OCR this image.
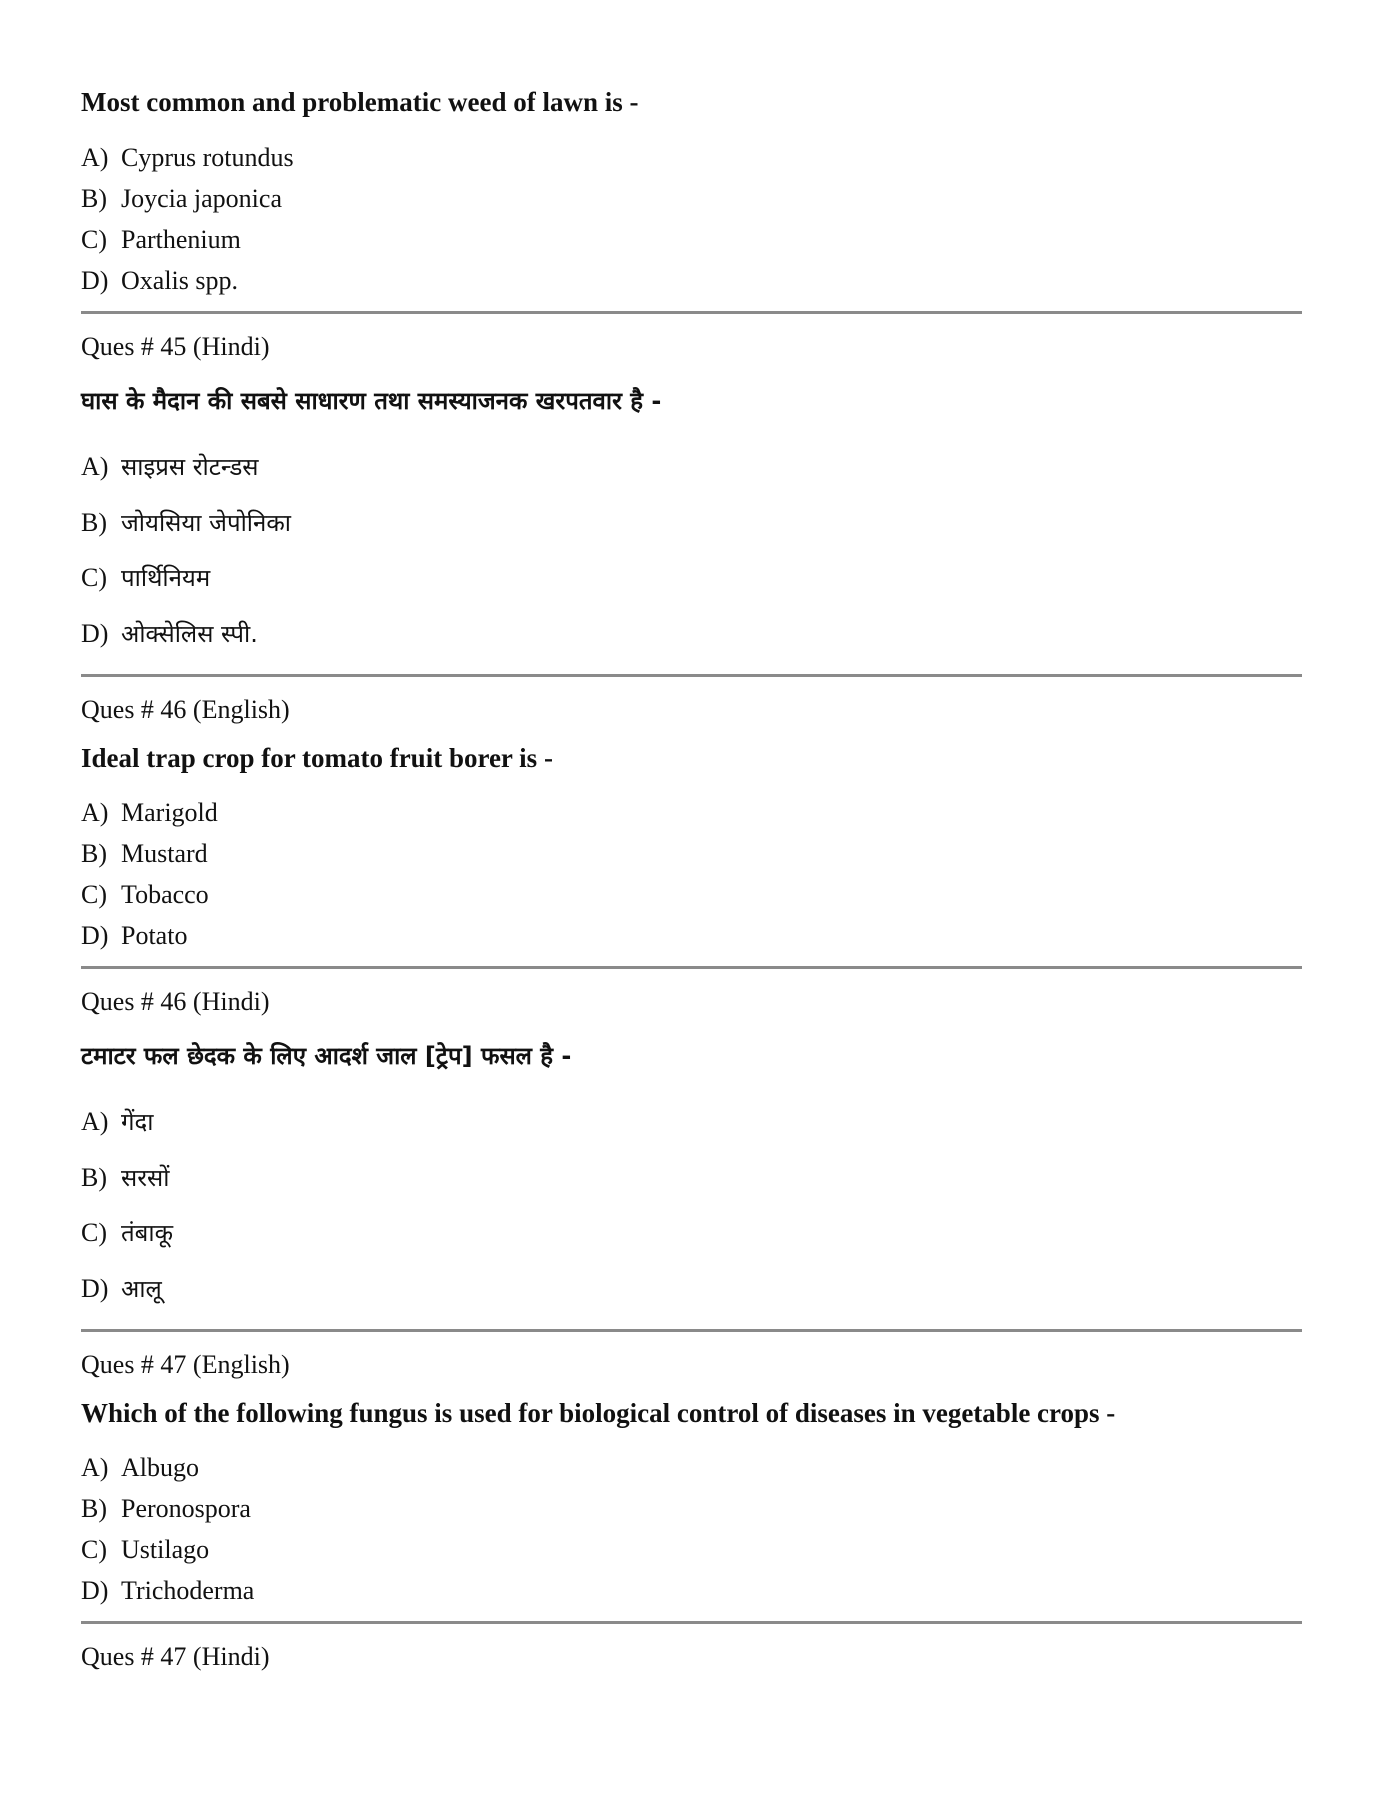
Most common and problematic weed of lawn is -
A) Cyprus rotundus
B) Joycia japonica
C) Parthenium
D) Oxalis spp.
Ques # 45 (Hindi)
घास के मैदान की सबसे साधारण तथा समस्याजनक खरपतवार है -
A) साइप्रस रोटन्डस
B) जोयसिया जेपोनिका
C) पार्थिनियम
D) ओक्सेलिस स्पी.
Ques # 46 (English)
Ideal trap crop for tomato fruit borer is -
A) Marigold
B) Mustard
C) Tobacco
D) Potato
Ques # 46 (Hindi)
टमाटर फल छेदक के लिए आदर्श जाल [ट्रेप] फसल है -
A) गेंदा
B) सरसों
C) तंबाकू
D) आलू
Ques # 47 (English)
Which of the following fungus is used for biological control of diseases in vegetable crops -
A) Albugo
B) Peronospora
C) Ustilago
D) Trichoderma
Ques # 47 (Hindi)
